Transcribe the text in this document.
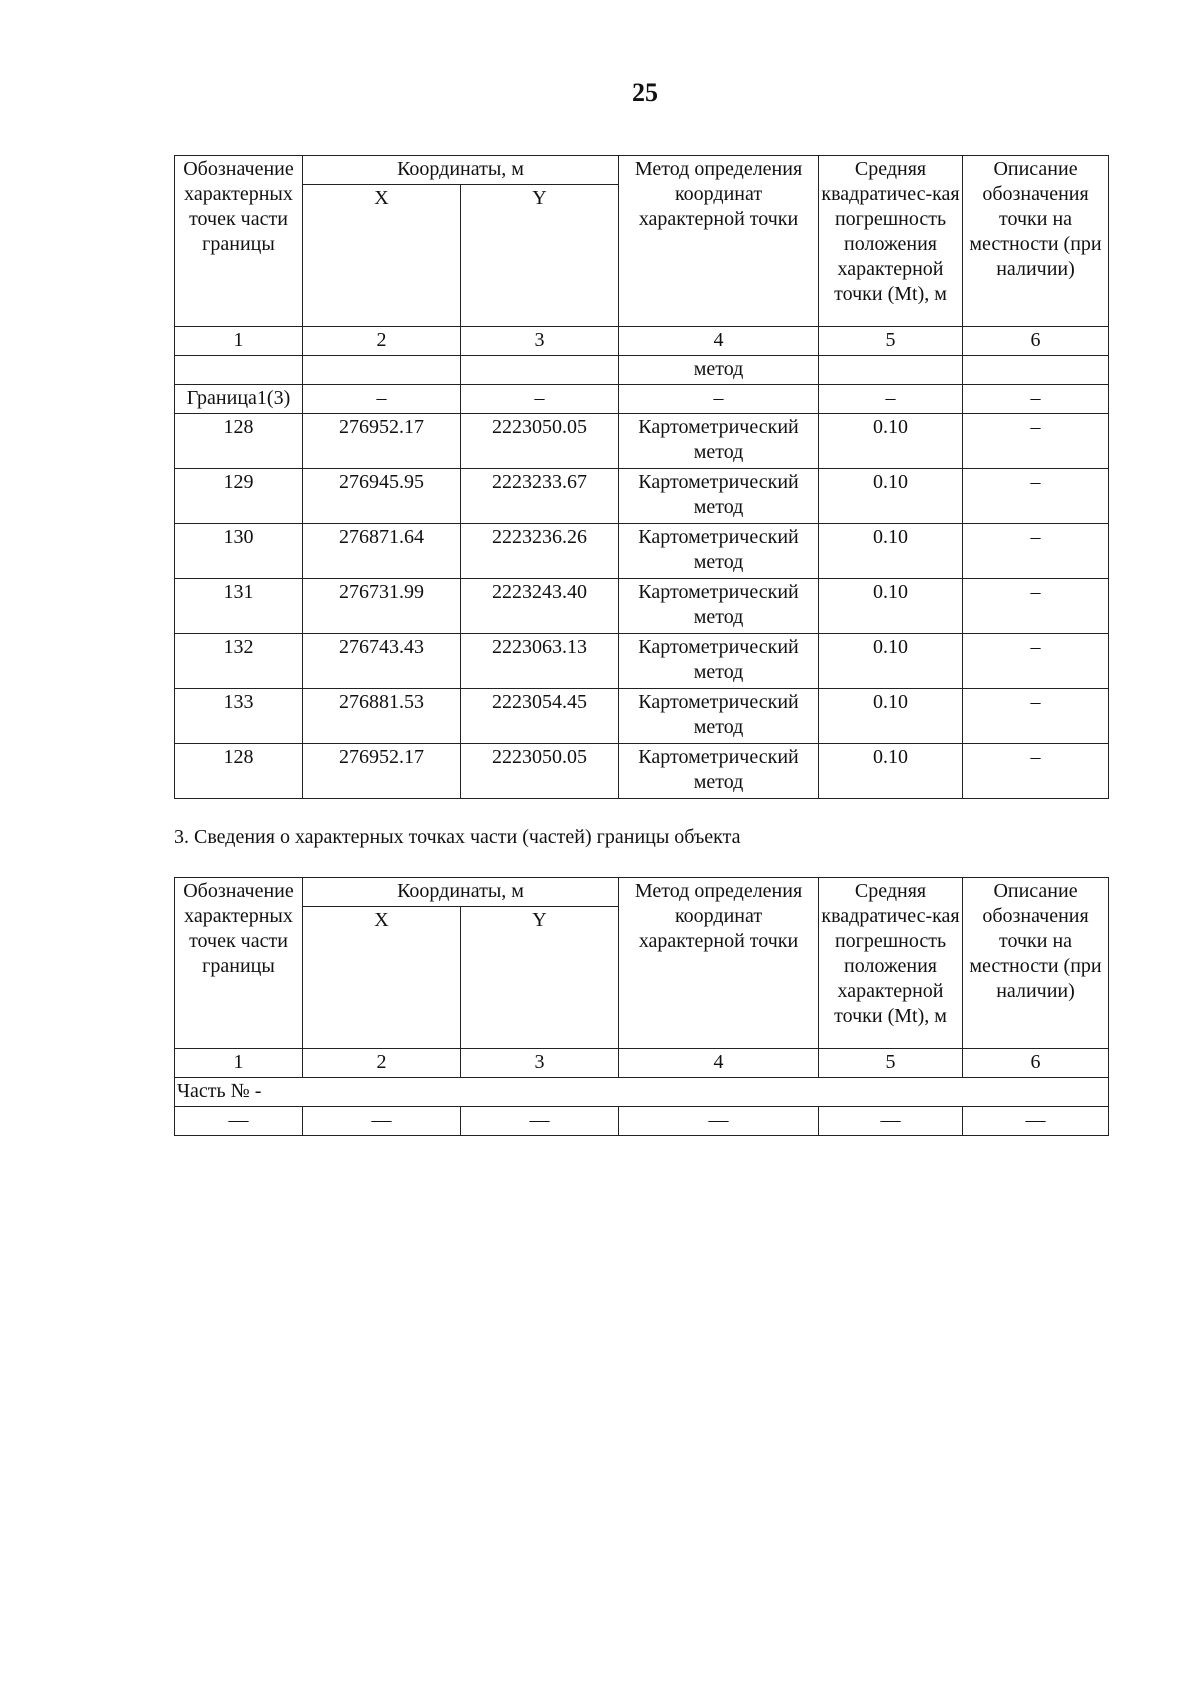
25
Обозначение характерных точек части границы	Координаты, м		Метод определения координат характерной точки	Средняя квадратичес-кая погрешность положения характерной точки (Mt), м	Описание обозначения точки на местности (при наличии)
	X	Y			
1	2	3	4	5	6
			метод		
Граница1(3)	–	–	–	–	–
128	276952.17	2223050.05	Картометрический метод	0.10	–
129	276945.95	2223233.67	Картометрический метод	0.10	–
130	276871.64	2223236.26	Картометрический метод	0.10	–
131	276731.99	2223243.40	Картометрический метод	0.10	–
132	276743.43	2223063.13	Картометрический метод	0.10	–
133	276881.53	2223054.45	Картометрический метод	0.10	–
128	276952.17	2223050.05	Картометрический метод	0.10	–
3. Сведения о характерных точках части (частей) границы объекта
Обозначение характерных точек части границы	Координаты, м		Метод определения координат характерной точки	Средняя квадратичес-кая погрешность положения характерной точки (Mt), м	Описание обозначения точки на местности (при наличии)
	X	Y			
1	2	3	4	5	6
Часть № -					
—	—	—	—	—	—
